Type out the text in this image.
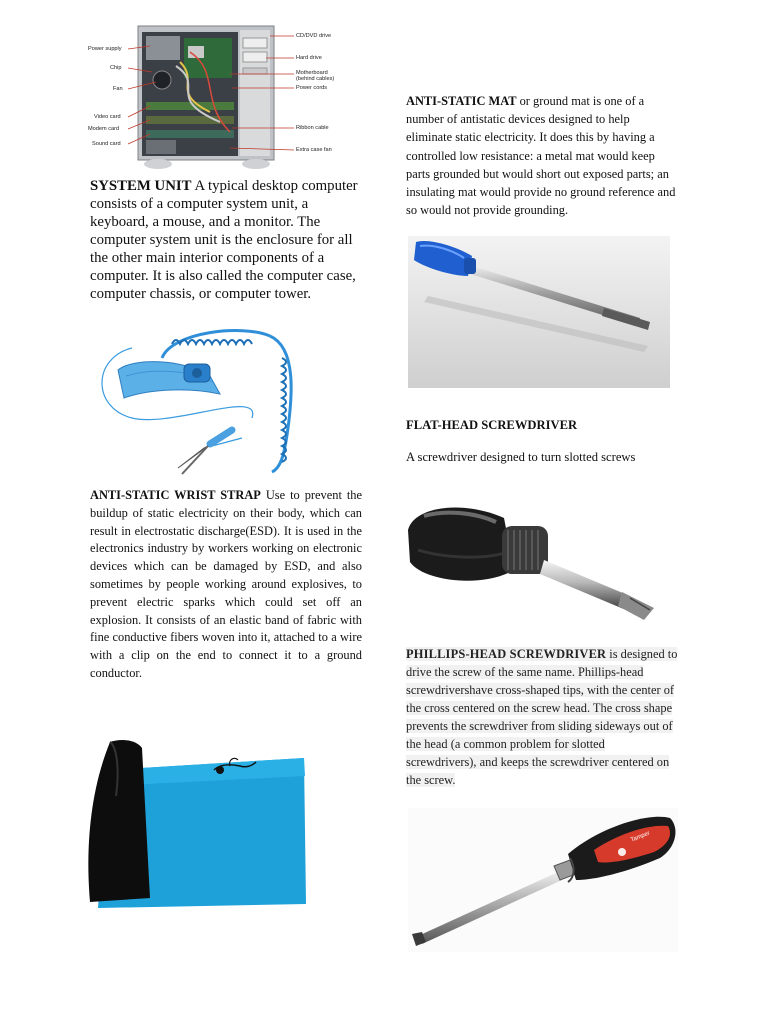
Power supply
Chip
Fan
Video card
Modem card
Sound card
CD/DVD drive
Hard drive
Motherboard
(behind cables)
Power cords
Ribbon cable
Extra case fan

SYSTEM UNIT A typical desktop computer consists of a computer system unit, a keyboard, a mouse, and a monitor. The computer system unit is the enclosure for all the other main interior components of a computer. It is also called the computer case, computer chassis, or computer tower.

ANTI-STATIC WRIST STRAP Use to prevent the buildup of static electricity on their body, which can result in electrostatic discharge(ESD). It is used in the electronics industry by workers working on electronic devices which can be damaged by ESD, and also sometimes by people working around explosives, to prevent electric sparks which could set off an explosion. It consists of an elastic band of fabric with fine conductive fibers woven into it, attached to a wire with a clip on the end to connect it to a ground conductor.

ANTI-STATIC MAT or ground mat is one of a number of antistatic devices designed to help eliminate static electricity. It does this by having a controlled low resistance: a metal mat would keep parts grounded but would short out exposed parts; an insulating mat would provide no ground reference and so would not provide grounding.

FLAT-HEAD SCREWDRIVER
A screwdriver designed to turn slotted screws

PHILLIPS-HEAD SCREWDRIVER is designed to drive the screw of the same name. Phillips-head screwdrivershave cross-shaped tips, with the center of the cross centered on the screw head. The cross shape prevents the screwdriver from sliding sideways out of the head (a common problem for slotted screwdrivers), and keeps the screwdriver centered on the screw.

Tamper
